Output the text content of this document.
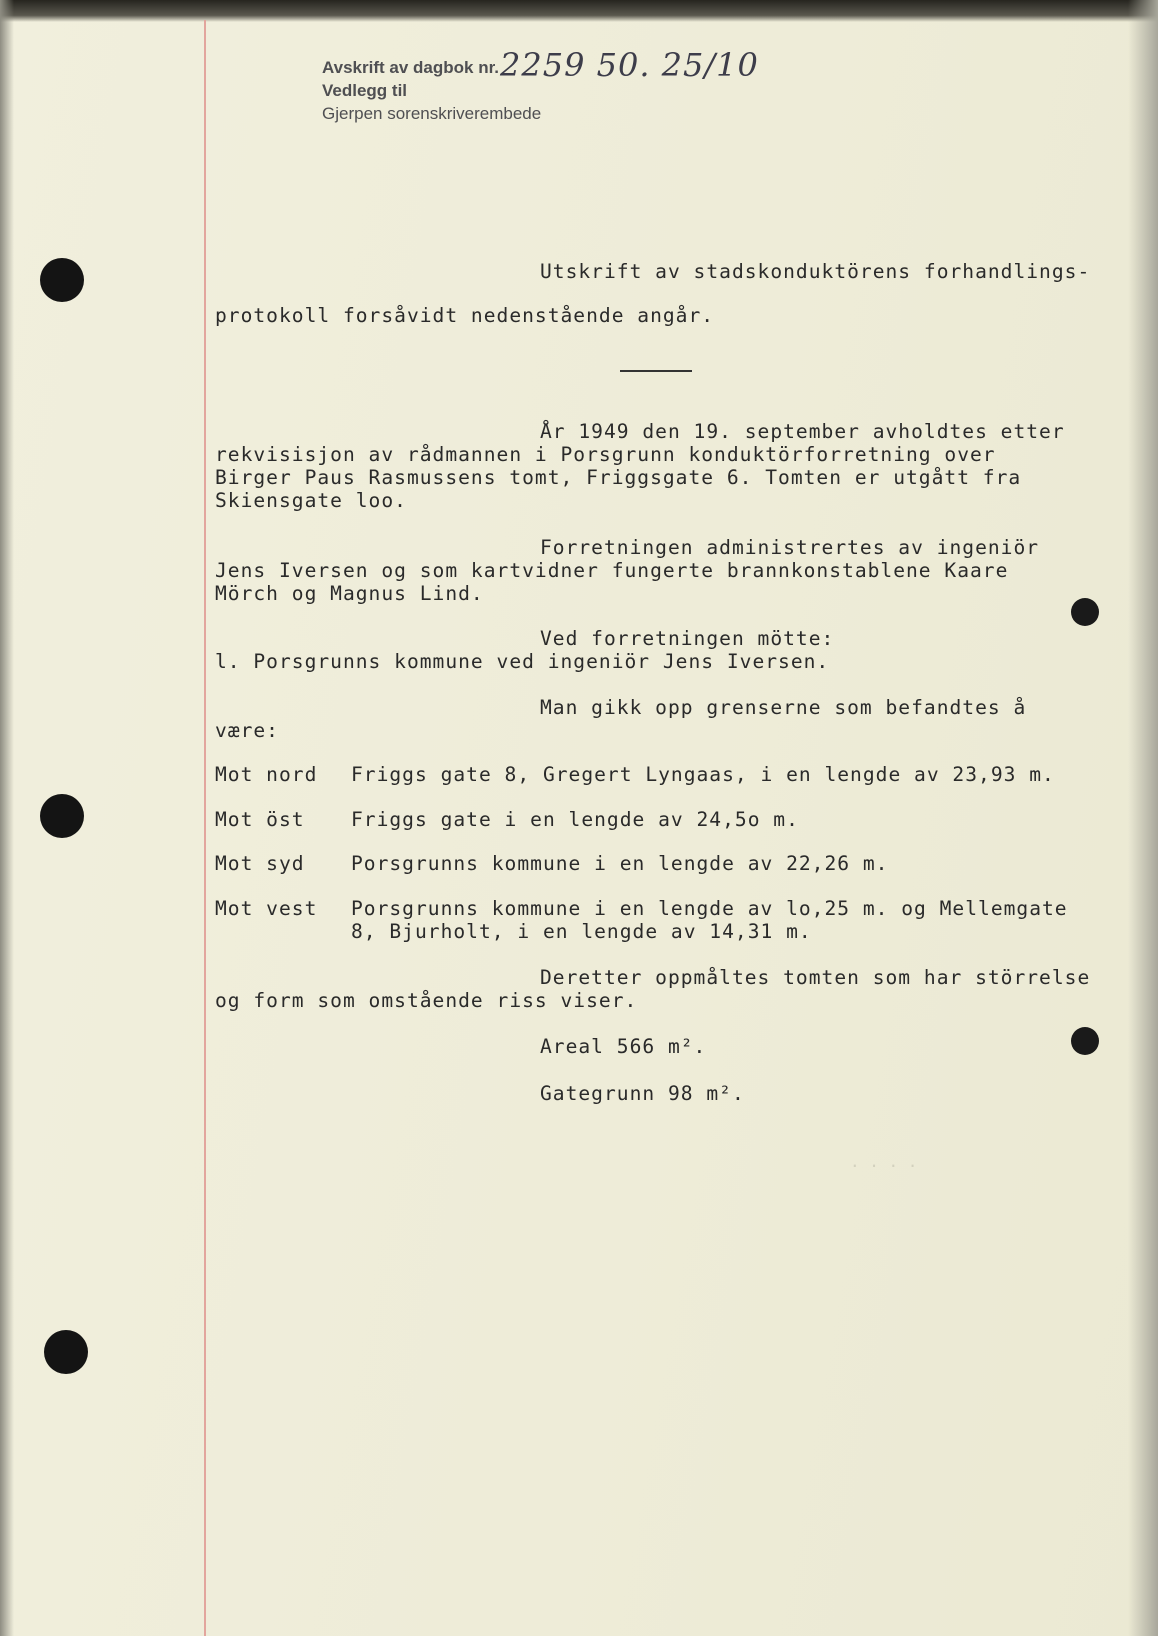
. . . .
Avskrift av dagbok nr.
Vedlegg til
Gjerpen sorenskriverembede
2259 50. 25/10
Utskrift av stadskonduktörens forhandlings-
protokoll forsåvidt nedenstående angår.
År 1949 den 19. september avholdtes etter
rekvisisjon av rådmannen i Porsgrunn konduktörforretning over
Birger Paus Rasmussens tomt, Friggsgate 6. Tomten er utgått fra
Skiensgate loo.
Forretningen administrertes av ingeniör
Jens Iversen og som kartvidner fungerte brannkonstablene Kaare
Mörch og Magnus Lind.
Ved forretningen mötte:
l. Porsgrunns kommune ved ingeniör Jens Iversen.
Man gikk opp grenserne som befandtes å
være:
Mot nord Friggs gate 8, Gregert Lyngaas, i en lengde av 23,93 m.
Mot öst Friggs gate i en lengde av 24,5o m.
Mot syd Porsgrunns kommune i en lengde av 22,26 m.
Mot vest Porsgrunns kommune i en lengde av lo,25 m. og Mellemgate
8, Bjurholt, i en lengde av 14,31 m.
Deretter oppmåltes tomten som har störrelse
og form som omstående riss viser.
Areal 566 m².
Gategrunn 98 m².
